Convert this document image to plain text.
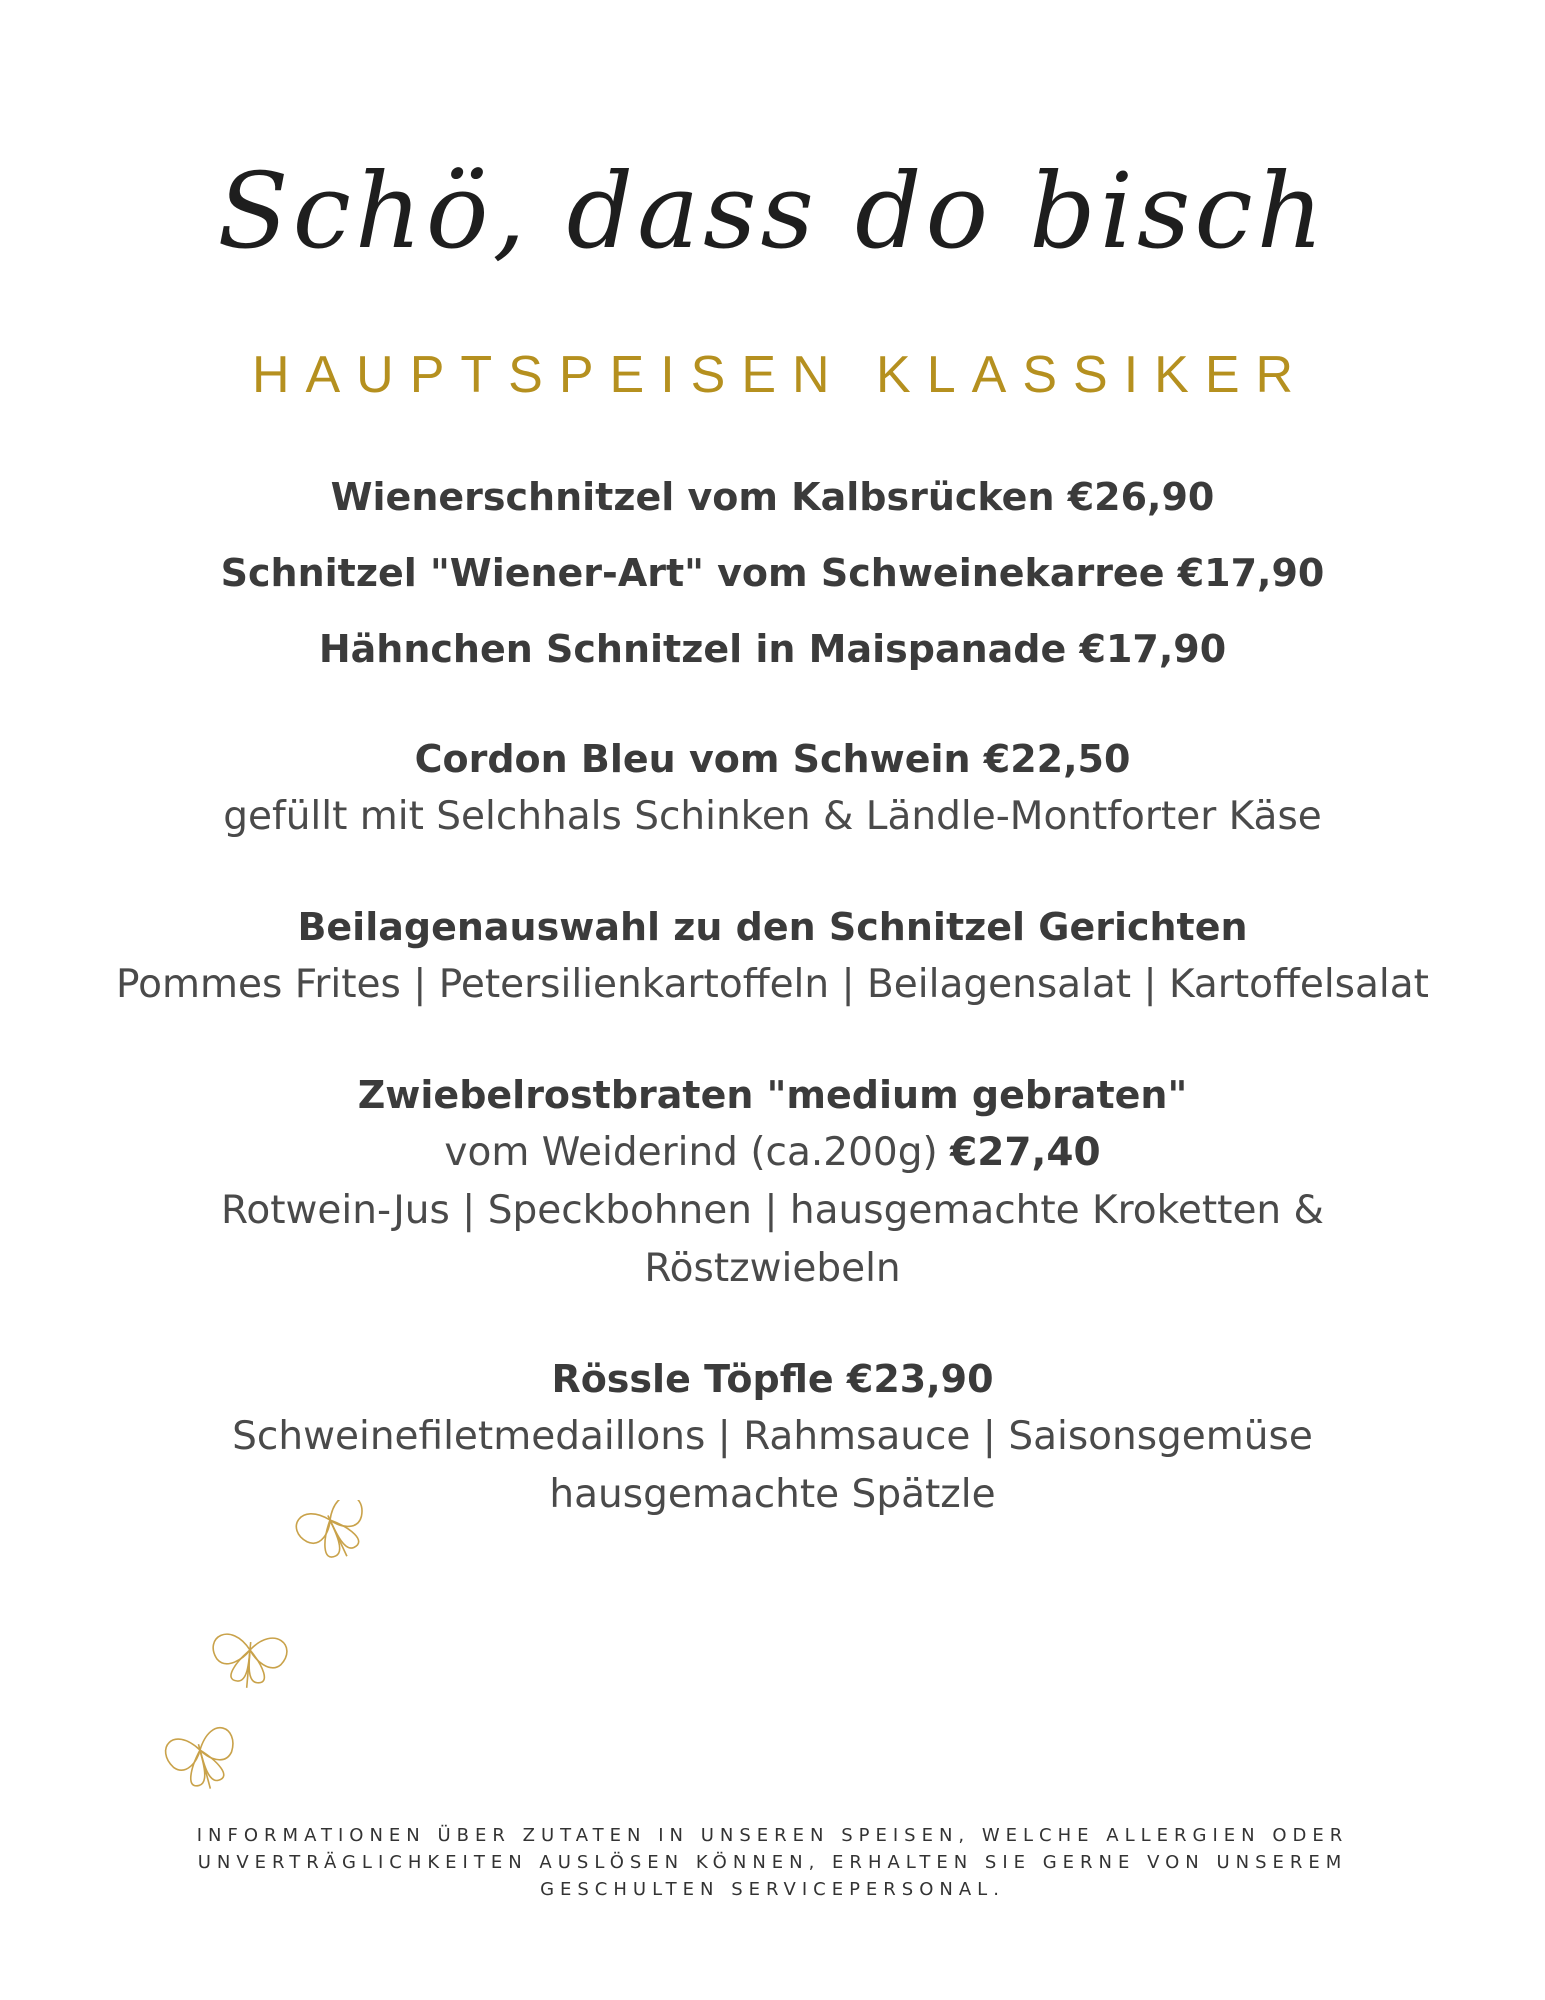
Schö, dass do bisch
HAUPTSPEISEN KLASSIKER
Wienerschnitzel vom Kalbsrücken €26,90
Schnitzel "Wiener-Art" vom Schweinekarree €17,90
Hähnchen Schnitzel in Maispanade €17,90
Cordon Bleu vom Schwein €22,50
gefüllt mit Selchhals Schinken & Ländle-Montforter Käse
Beilagenauswahl zu den Schnitzel Gerichten
Pommes Frites | Petersilienkartoffeln | Beilagensalat | Kartoffelsalat
Zwiebelrostbraten "medium gebraten"
vom Weiderind (ca.200g) €27,40
Rotwein-Jus | Speckbohnen | hausgemachte Kroketten &
Röstzwiebeln
Rössle Töpfle €23,90
Schweinefiletmedaillons | Rahmsauce | Saisonsgemüse
hausgemachte Spätzle
INFORMATIONEN ÜBER ZUTATEN IN UNSEREN SPEISEN, WELCHE ALLERGIEN ODER
UNVERTRÄGLICHKEITEN AUSLÖSEN KÖNNEN, ERHALTEN SIE GERNE VON UNSEREM
GESCHULTEN SERVICEPERSONAL.
